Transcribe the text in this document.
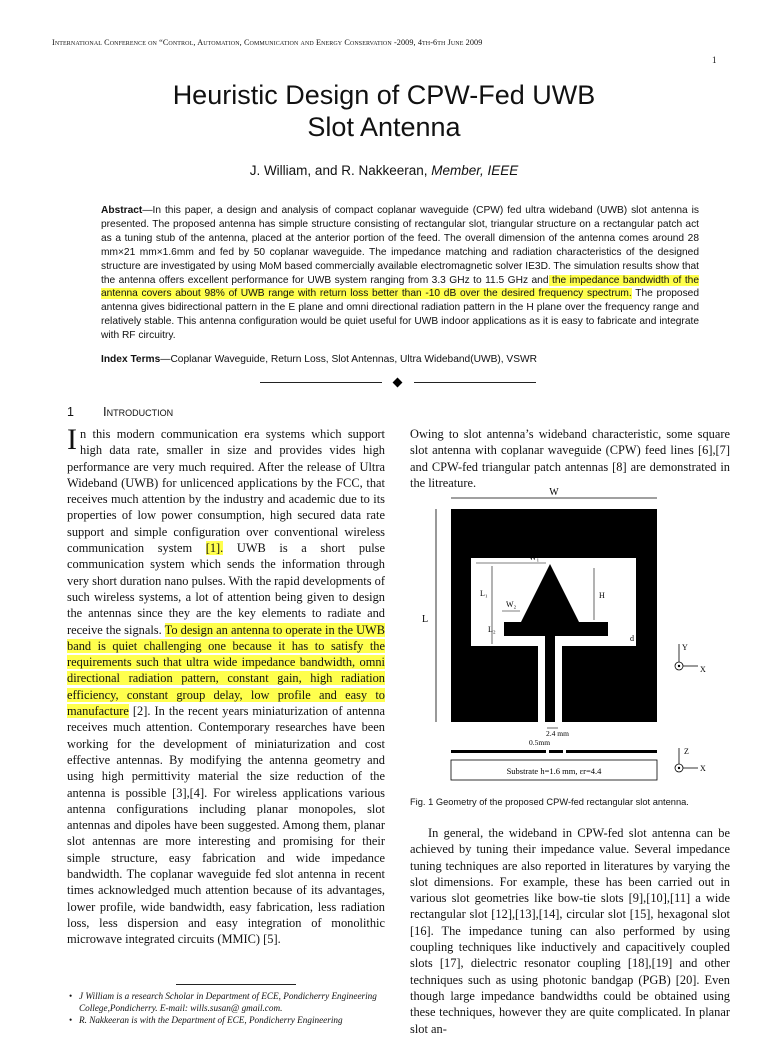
International Conference on “Control, Automation, Communication and Energy Conservation -2009, 4th-6th June 2009
1
Heuristic Design of CPW-Fed UWB
Slot Antenna
J. William, and R. Nakkeeran, Member, IEEE

Abstract—In this paper, a design and analysis of compact coplanar waveguide (CPW) fed ultra wideband (UWB) slot antenna is presented. The proposed antenna has simple structure consisting of rectangular slot, triangular structure on a rectangular patch act as a tuning stub of the antenna, placed at the anterior portion of the feed. The overall dimension of the antenna comes around 28 mm×21 mm×1.6mm and fed by 50 coplanar waveguide. The impedance matching and radiation characteristics of the designed structure are investigated by using MoM based commercially available electromagnetic solver IE3D. The simulation results show that the antenna offers excellent performance for UWB system ranging from 3.3 GHz to 11.5 GHz and the impedance bandwidth of the antenna covers about 98% of UWB range with return loss better than -10 dB over the desired frequency spectrum. The proposed antenna gives bidirectional pattern in the E plane and omni directional radiation pattern in the H plane over the frequency range and relatively stable. This antenna configuration would be quiet useful for UWB indoor applications as it is easy to fabricate and integrate with RF circuitry.

Index Terms—Coplanar Waveguide, Return Loss, Slot Antennas, Ultra Wideband(UWB), VSWR

1 Introduction

In this modern communication era systems which support high data rate, smaller in size and provides vides high performance are very much required. After the release of Ultra Wideband (UWB) for unlicenced applications by the FCC, that receives much attention by the industry and academic due to its properties of low power consumption, high secured data rate support and simple configuration over conventional wireless communication system [1]. UWB is a short pulse communication system which sends the information through very short duration nano pulses. With the rapid developments of such wireless systems, a lot of attention being given to design the antennas since they are the key elements to radiate and receive the signals. To design an antenna to operate in the UWB band is quiet challenging one because it has to satisfy the requirements such that ultra wide impedance bandwidth, omni directional radiation pattern, constant gain, high radiation efficiency, constant group delay, low profile and easy to manufacture [2]. In the recent years miniaturization of antenna receives much attention. Contemporary researches have been working for the development of miniaturization and cost effective antennas. By modifying the antenna geometry and using high permittivity material the size reduction of the antenna is possible [3],[4]. For wireless applications various antenna configurations including planar monopoles, slot antennas and dipoles have been suggested. Among them, planar slot antennas are more interesting and promising for their simple structure, easy fabrication and wide impedance bandwidth. The coplanar waveguide fed slot antenna in recent times acknowledged much attention because of its advantages, lower profile, wide bandwidth, easy fabrication, less radiation loss, less dispersion and easy integration of monolithic microwave integrated circuits (MMIC) [5].

Owing to slot antenna’s wideband characteristic, some square slot antenna with coplanar waveguide (CPW) feed lines [6],[7] and CPW-fed triangular patch antennas [8] are demonstrated in the litreature.

W
L
W₁
L₁
W₂
L₂
H
d
Y
X
2.4 mm
0.5mm
Substrate h=1.6 mm, εr=4.4
Z
X
Fig. 1 Geometry of the proposed CPW-fed rectangular slot antenna.
In general, the wideband in CPW-fed slot antenna can be achieved by tuning their impedance value. Several impedance tuning techniques are also reported in literatures by varying the slot dimensions. For example, these has been carried out in various slot geometries like bow-tie slots [9],[10],[11] a wide rectangular slot [12],[13],[14], circular slot [15], hexagonal slot [16]. The impedance tuning can also performed by using coupling techniques like inductively and capacitively coupled slots [17], dielectric resonator coupling [18],[19] and other techniques such as using photonic bandgap (PGB) [20]. Even though large impedance bandwidths could be obtained using these techniques, however they are quite complicated. In planar slot an-
• J William is a research Scholar in Department of ECE, Pondicherry Engineering College,Pondicherry. E-mail: wills.susan@ gmail.com.
• R. Nakkeeran is with the Department of ECE, Pondicherry Engineering
